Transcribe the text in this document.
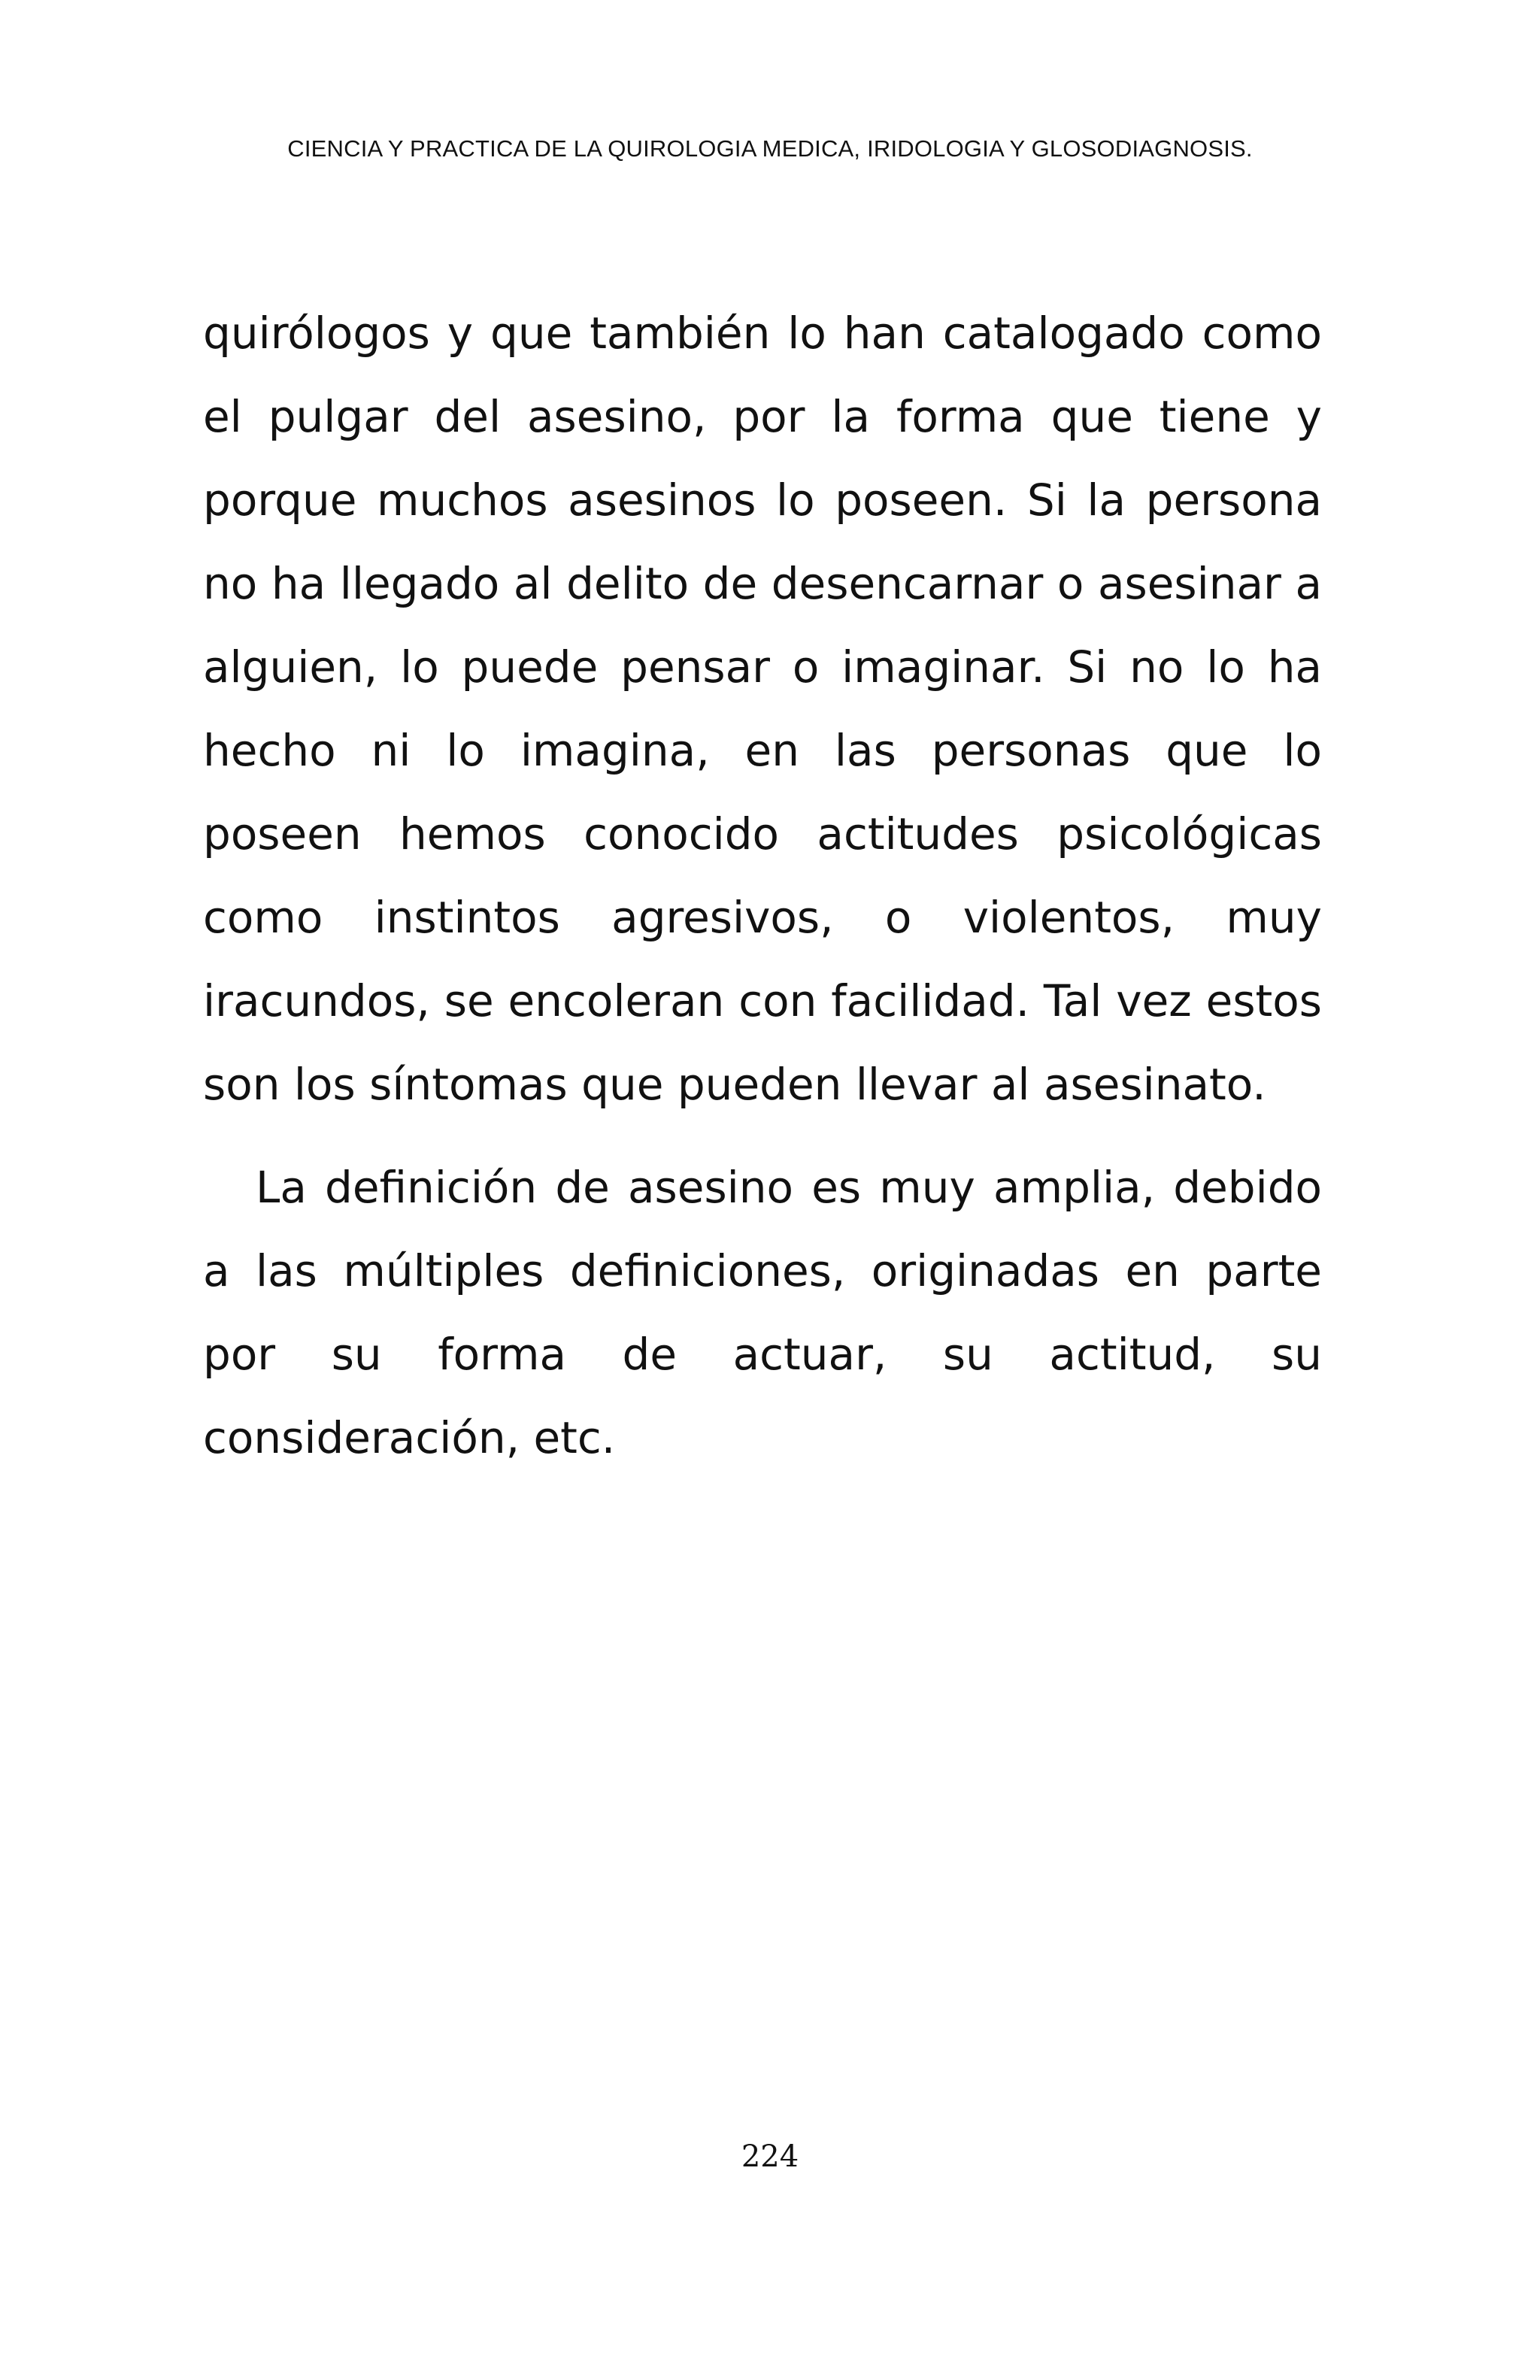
CIENCIA Y PRACTICA DE LA QUIROLOGIA MEDICA, IRIDOLOGIA Y GLOSODIAGNOSIS.

quirólogos y que también lo han catalogado como el pulgar del asesino, por la forma que tiene y porque muchos asesinos lo poseen. Si la persona no ha llegado al delito de desencarnar o asesinar a alguien, lo puede pensar o imaginar. Si no lo ha hecho ni lo imagina, en las personas que lo poseen hemos conocido actitudes psicológicas como instintos agresivos, o violentos, muy iracundos, se encoleran con facilidad. Tal vez estos son los síntomas que pueden llevar al asesinato.

La definición de asesino es muy amplia, debido a las múltiples definiciones, originadas en parte por su forma de actuar, su actitud, su consideración, etc.

224
